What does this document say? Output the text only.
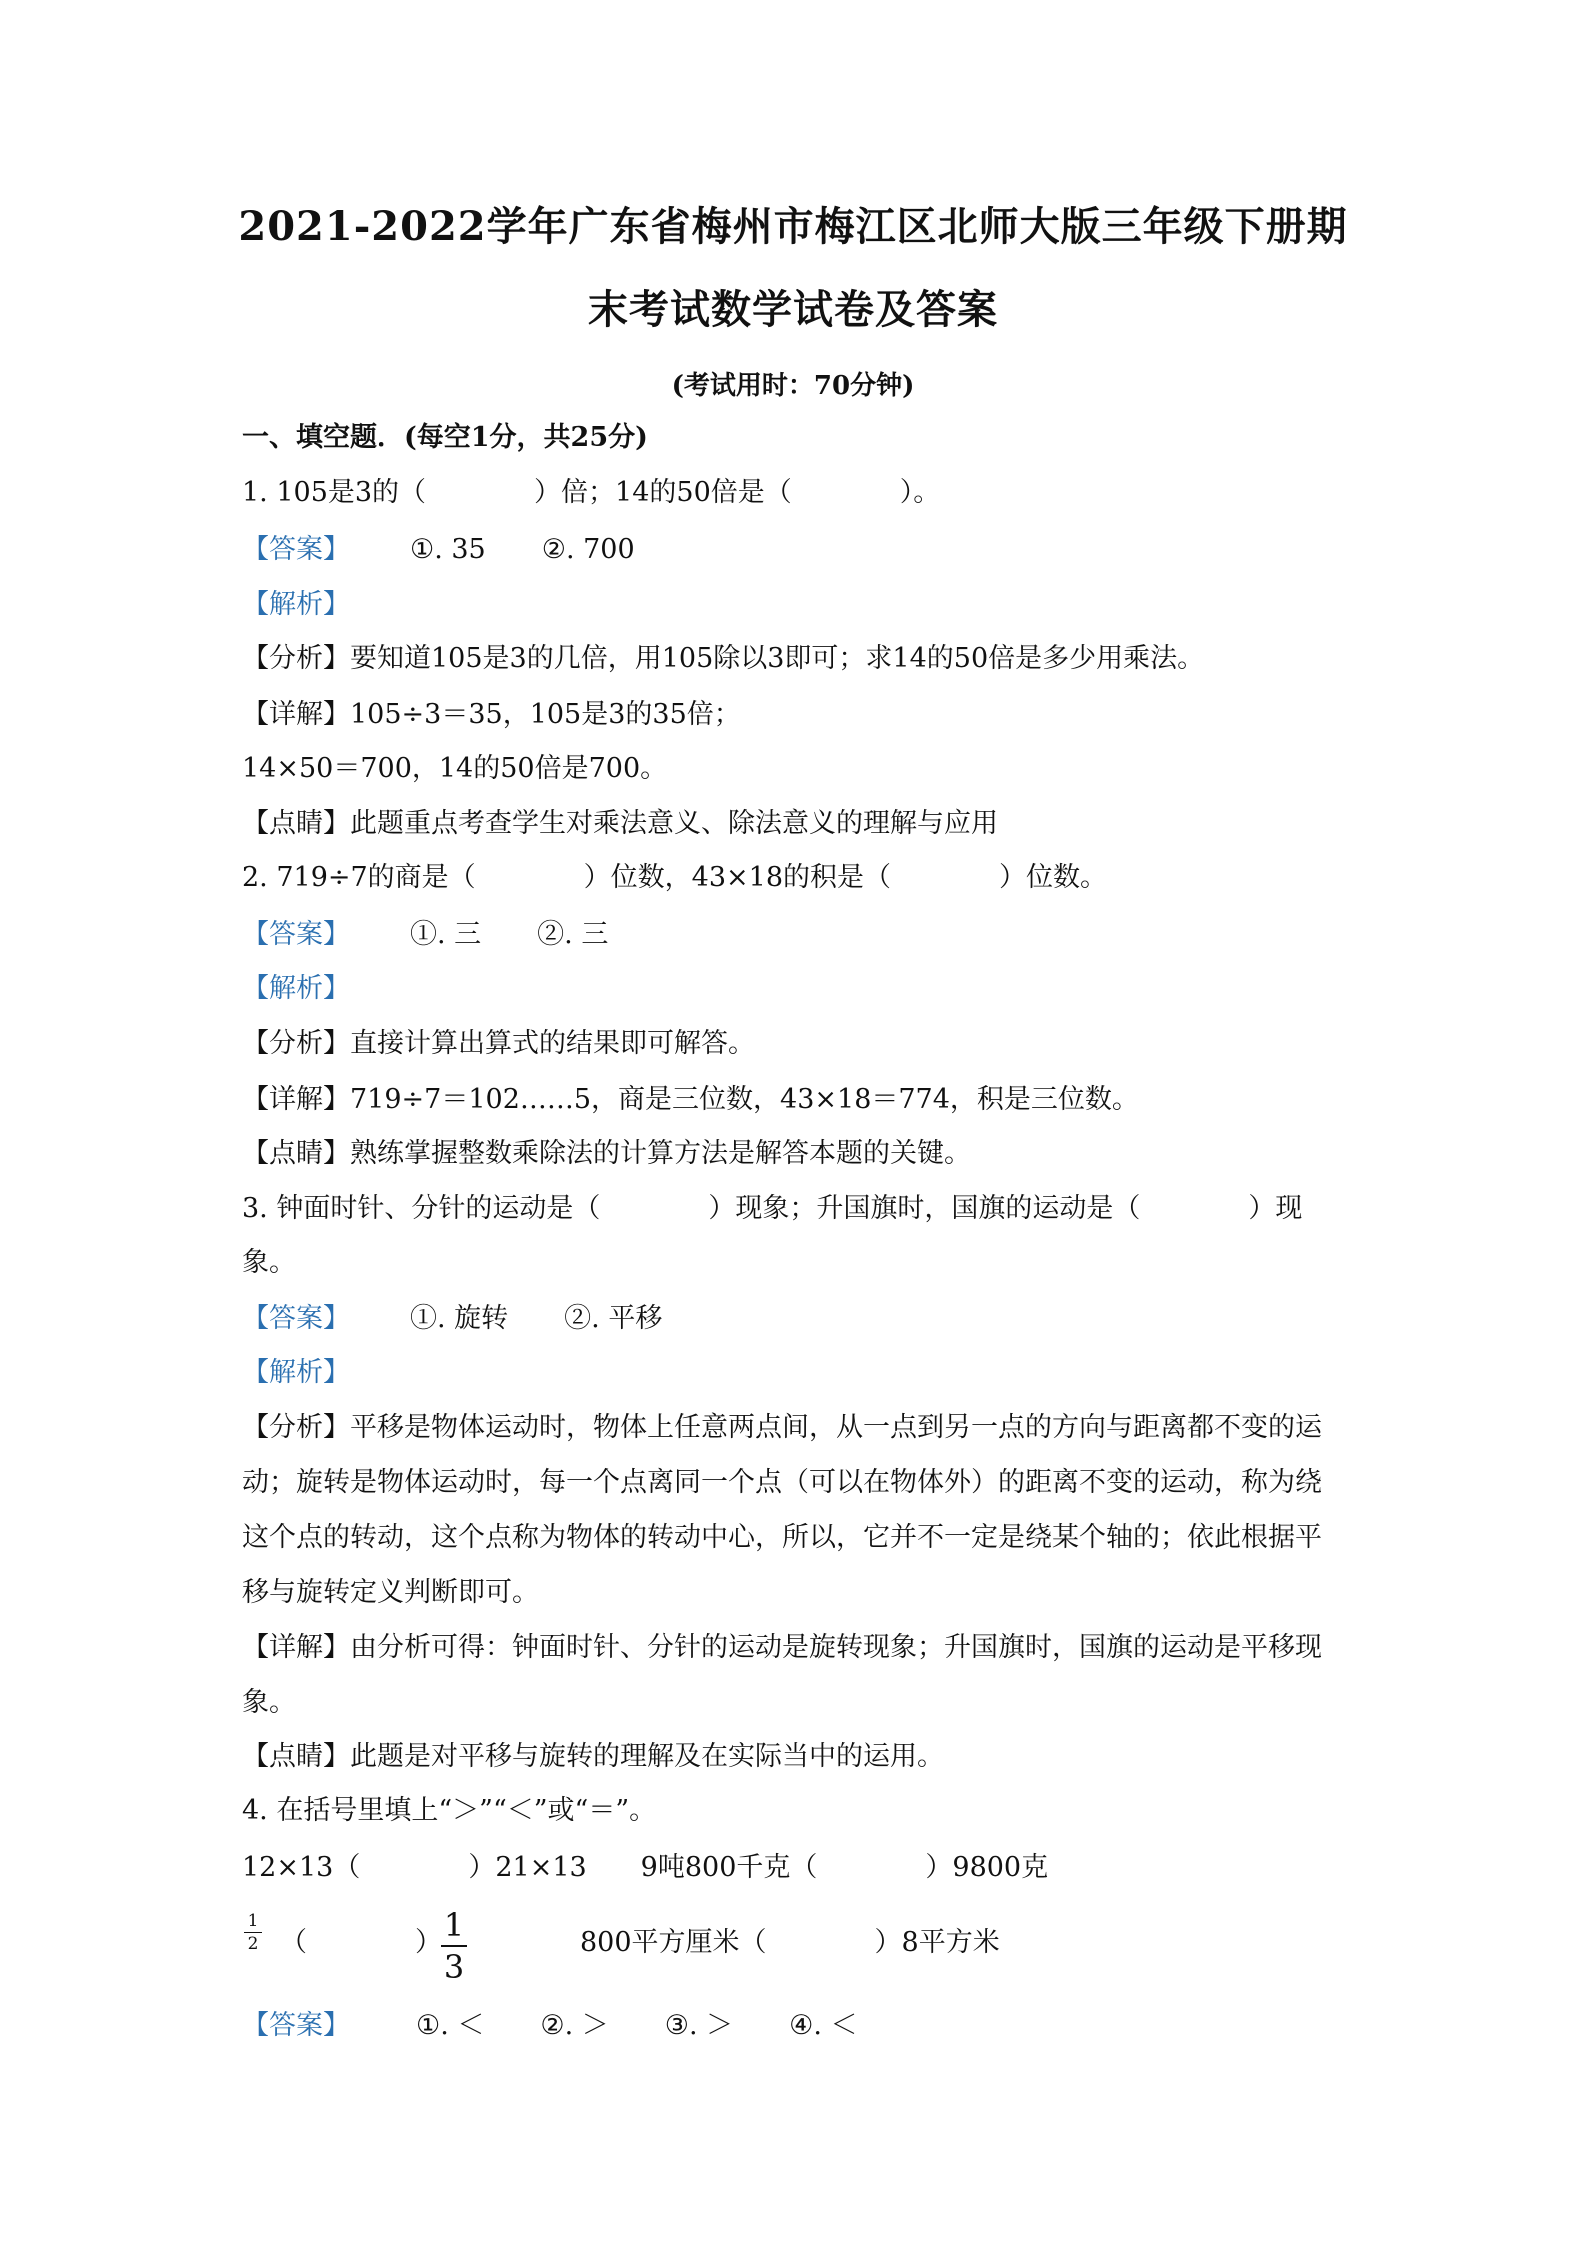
2021-2022学年广东省梅州市梅江区北师大版三年级下册期
末考试数学试卷及答案
(考试用时：70分钟)
一、填空题．(每空1分，共25分)
1. 105是3的（　　　　）倍；14的50倍是（　　　　）。
【答案】 ①. 35 ②. 700
【解析】
【分析】要知道105是3的几倍，用105除以3即可；求14的50倍是多少用乘法。
【详解】105÷3＝35，105是3的35倍；
14×50＝700，14的50倍是700。
【点睛】此题重点考查学生对乘法意义、除法意义的理解与应用
2. 719÷7的商是（　　　　）位数，43×18的积是（　　　　）位数。
【答案】 ①. 三 ②. 三
【解析】
【分析】直接计算出算式的结果即可解答。
【详解】719÷7＝102……5，商是三位数，43×18＝774，积是三位数。
【点睛】熟练掌握整数乘除法的计算方法是解答本题的关键。
3. 钟面时针、分针的运动是（　　　　）现象；升国旗时，国旗的运动是（　　　　）现
象。
【答案】 ①. 旋转 ②. 平移
【解析】
【分析】平移是物体运动时，物体上任意两点间，从一点到另一点的方向与距离都不变的运
动；旋转是物体运动时，每一个点离同一个点（可以在物体外）的距离不变的运动，称为绕
这个点的转动，这个点称为物体的转动中心，所以，它并不一定是绕某个轴的；依此根据平
移与旋转定义判断即可。
【详解】由分析可得：钟面时针、分针的运动是旋转现象；升国旗时，国旗的运动是平移现
象。
【点睛】此题是对平移与旋转的理解及在实际当中的运用。
4. 在括号里填上“＞”“＜”或“＝”。
12×13（　　　　）21×13 9吨800千克（　　　　）9800克
$\frac{1}{2}$ （　　　　） $\frac{1}{3}$	800平方厘米（　　　　）8平方米
【答案】 ①. ＜ ②. ＞ ③. ＞ ④. ＜
